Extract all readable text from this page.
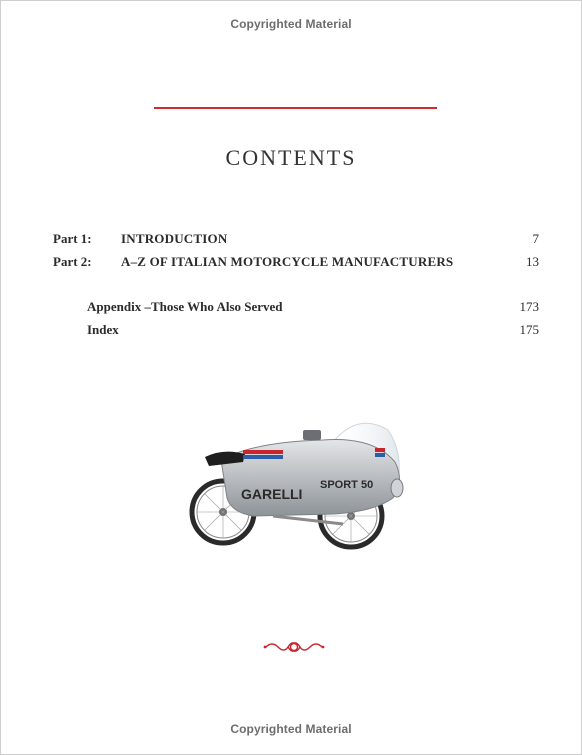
Copyrighted Material
CONTENTS
Part 1: INTRODUCTION	7
Part 2: A–Z OF ITALIAN MOTORCYCLE MANUFACTURERS	13
Appendix –Those Who Also Served	173
Index	175
GARELLI
SPORT 50
Copyrighted Material
